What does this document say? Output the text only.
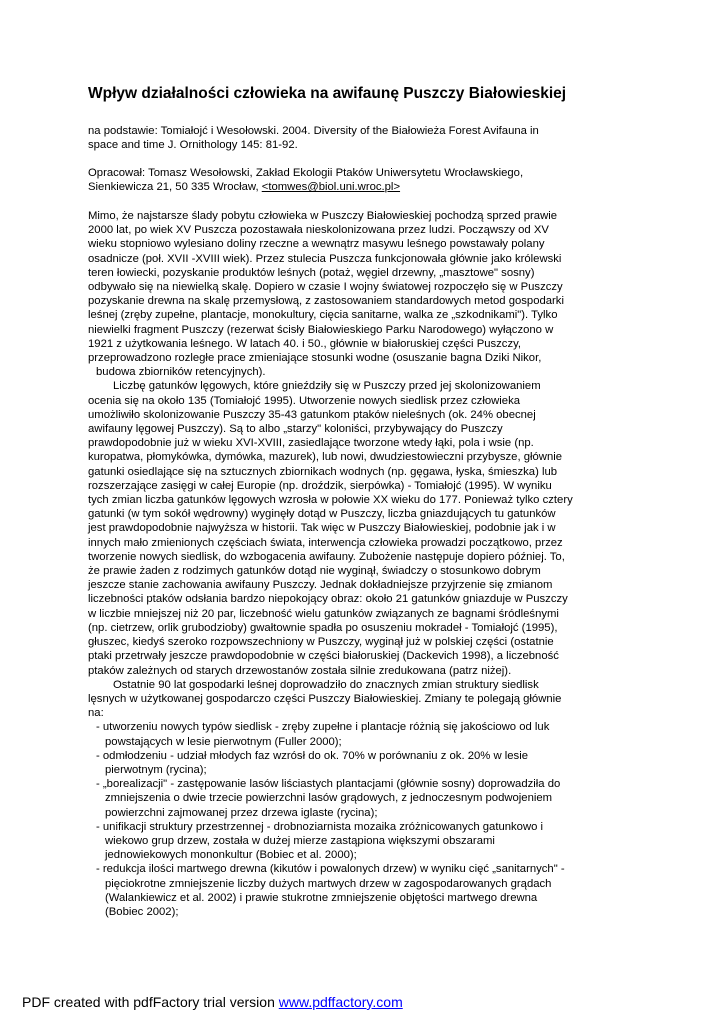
Wpływ działalności człowieka na awifaunę Puszczy Białowieskiej

na podstawie: Tomiałojć i Wesołowski. 2004. Diversity of the Białowieża Forest Avifauna in
space and time J. Ornithology 145: 81-92.

Opracował: Tomasz Wesołowski, Zakład Ekologii Ptaków Uniwersytetu Wrocławskiego,
Sienkiewicza 21, 50 335 Wrocław, <tomwes@biol.uni.wroc.pl>

Mimo, że najstarsze ślady pobytu człowieka w Puszczy Białowieskiej pochodzą sprzed prawie
2000 lat, po wiek XV Puszcza pozostawała nieskolonizowana przez ludzi. Począwszy od XV
wieku stopniowo wylesiano doliny rzeczne a wewnątrz masywu leśnego powstawały polany
osadnicze (poł. XVII -XVIII wiek). Przez stulecia Puszcza funkcjonowała głównie jako królewski
teren łowiecki, pozyskanie produktów leśnych (potaż, węgiel drzewny, „masztowe" sosny)
odbywało się na niewielką skalę. Dopiero w czasie I wojny światowej rozpoczęło się w Puszczy
pozyskanie drewna na skalę przemysłową, z zastosowaniem standardowych metod gospodarki
leśnej (zręby zupełne, plantacje, monokultury, cięcia sanitarne, walka ze „szkodnikami"). Tylko
niewielki fragment Puszczy (rezerwat ścisły Białowieskiego Parku Narodowego) wyłączono w
1921 z użytkowania leśnego. W latach 40. i 50., głównie w białoruskiej części Puszczy,
przeprowadzono rozległe prace zmieniające stosunki wodne (osuszanie bagna Dziki Nikor,
budowa zbiorników retencyjnych).
Liczbę gatunków lęgowych, które gnieździły się w Puszczy przed jej skolonizowaniem
ocenia się na około 135 (Tomiałojć 1995). Utworzenie nowych siedlisk przez człowieka
umożliwiło skolonizowanie Puszczy 35-43 gatunkom ptaków nieleśnych (ok. 24% obecnej
awifauny lęgowej Puszczy). Są to albo „starzy" koloniści, przybywający do Puszczy
prawdopodobnie już w wieku XVI-XVIII, zasiedlające tworzone wtedy łąki, pola i wsie (np.
kuropatwa, płomykówka, dymówka, mazurek), lub nowi, dwudziestowieczni przybysze, głównie
gatunki osiedlające się na sztucznych zbiornikach wodnych (np. gęgawa, łyska, śmieszka) lub
rozszerzające zasięgi w całej Europie (np. droździk, sierpówka) - Tomiałojć (1995). W wyniku
tych zmian liczba gatunków lęgowych wzrosła w połowie XX wieku do 177. Ponieważ tylko cztery
gatunki (w tym sokół wędrowny) wyginęły dotąd w Puszczy, liczba gniazdujących tu gatunków
jest prawdopodobnie najwyższa w historii. Tak więc w Puszczy Białowieskiej, podobnie jak i w
innych mało zmienionych częściach świata, interwencja człowieka prowadzi początkowo, przez
tworzenie nowych siedlisk, do wzbogacenia awifauny. Zubożenie następuje dopiero później. To,
że prawie żaden z rodzimych gatunków dotąd nie wyginął, świadczy o stosunkowo dobrym
jeszcze stanie zachowania awifauny Puszczy. Jednak dokładniejsze przyjrzenie się zmianom
liczebności ptaków odsłania bardzo niepokojący obraz: około 21 gatunków gniazduje w Puszczy
w liczbie mniejszej niż 20 par, liczebność wielu gatunków związanych ze bagnami śródleśnymi
(np. cietrzew, orlik grubodzioby) gwałtownie spadła po osuszeniu mokradeł - Tomiałojć (1995),
głuszec, kiedyś szeroko rozpowszechniony w Puszczy, wyginął już w polskiej części (ostatnie
ptaki przetrwały jeszcze prawdopodobnie w części białoruskiej (Dackevich 1998), a liczebność
ptaków zależnych od starych drzewostanów została silnie zredukowana (patrz niżej).
Ostatnie 90 lat gospodarki leśnej doprowadziło do znacznych zmian struktury siedlisk
lęsnych w użytkowanej gospodarczo części Puszczy Białowieskiej. Zmiany te polegają głównie
na:
- utworzeniu nowych typów siedlisk - zręby zupełne i plantacje różnią się jakościowo od luk
powstających w lesie pierwotnym (Fuller 2000);
- odmłodzeniu - udział młodych faz wzrósł do ok. 70% w porównaniu z ok. 20% w lesie
pierwotnym (rycina);
- „borealizacji" - zastępowanie lasów liściastych plantacjami (głównie sosny) doprowadziła do
zmniejszenia o dwie trzecie powierzchni lasów grądowych, z jednoczesnym podwojeniem
powierzchni zajmowanej przez drzewa iglaste (rycina);
- unifikacji struktury przestrzennej - drobnoziarnista mozaika zróżnicowanych gatunkowo i
wiekowo grup drzew, została w dużej mierze zastąpiona większymi obszarami
jednowiekowych mononkultur (Bobiec et al. 2000);
- redukcja ilości martwego drewna (kikutów i powalonych drzew) w wyniku cięć „sanitarnych" -
pięciokrotne zmniejszenie liczby dużych martwych drzew w zagospodarowanych grądach
(Walankiewicz et al. 2002) i prawie stukrotne zmniejszenie objętości martwego drewna
(Bobiec 2002);

PDF created with pdfFactory trial version www.pdffactory.com
